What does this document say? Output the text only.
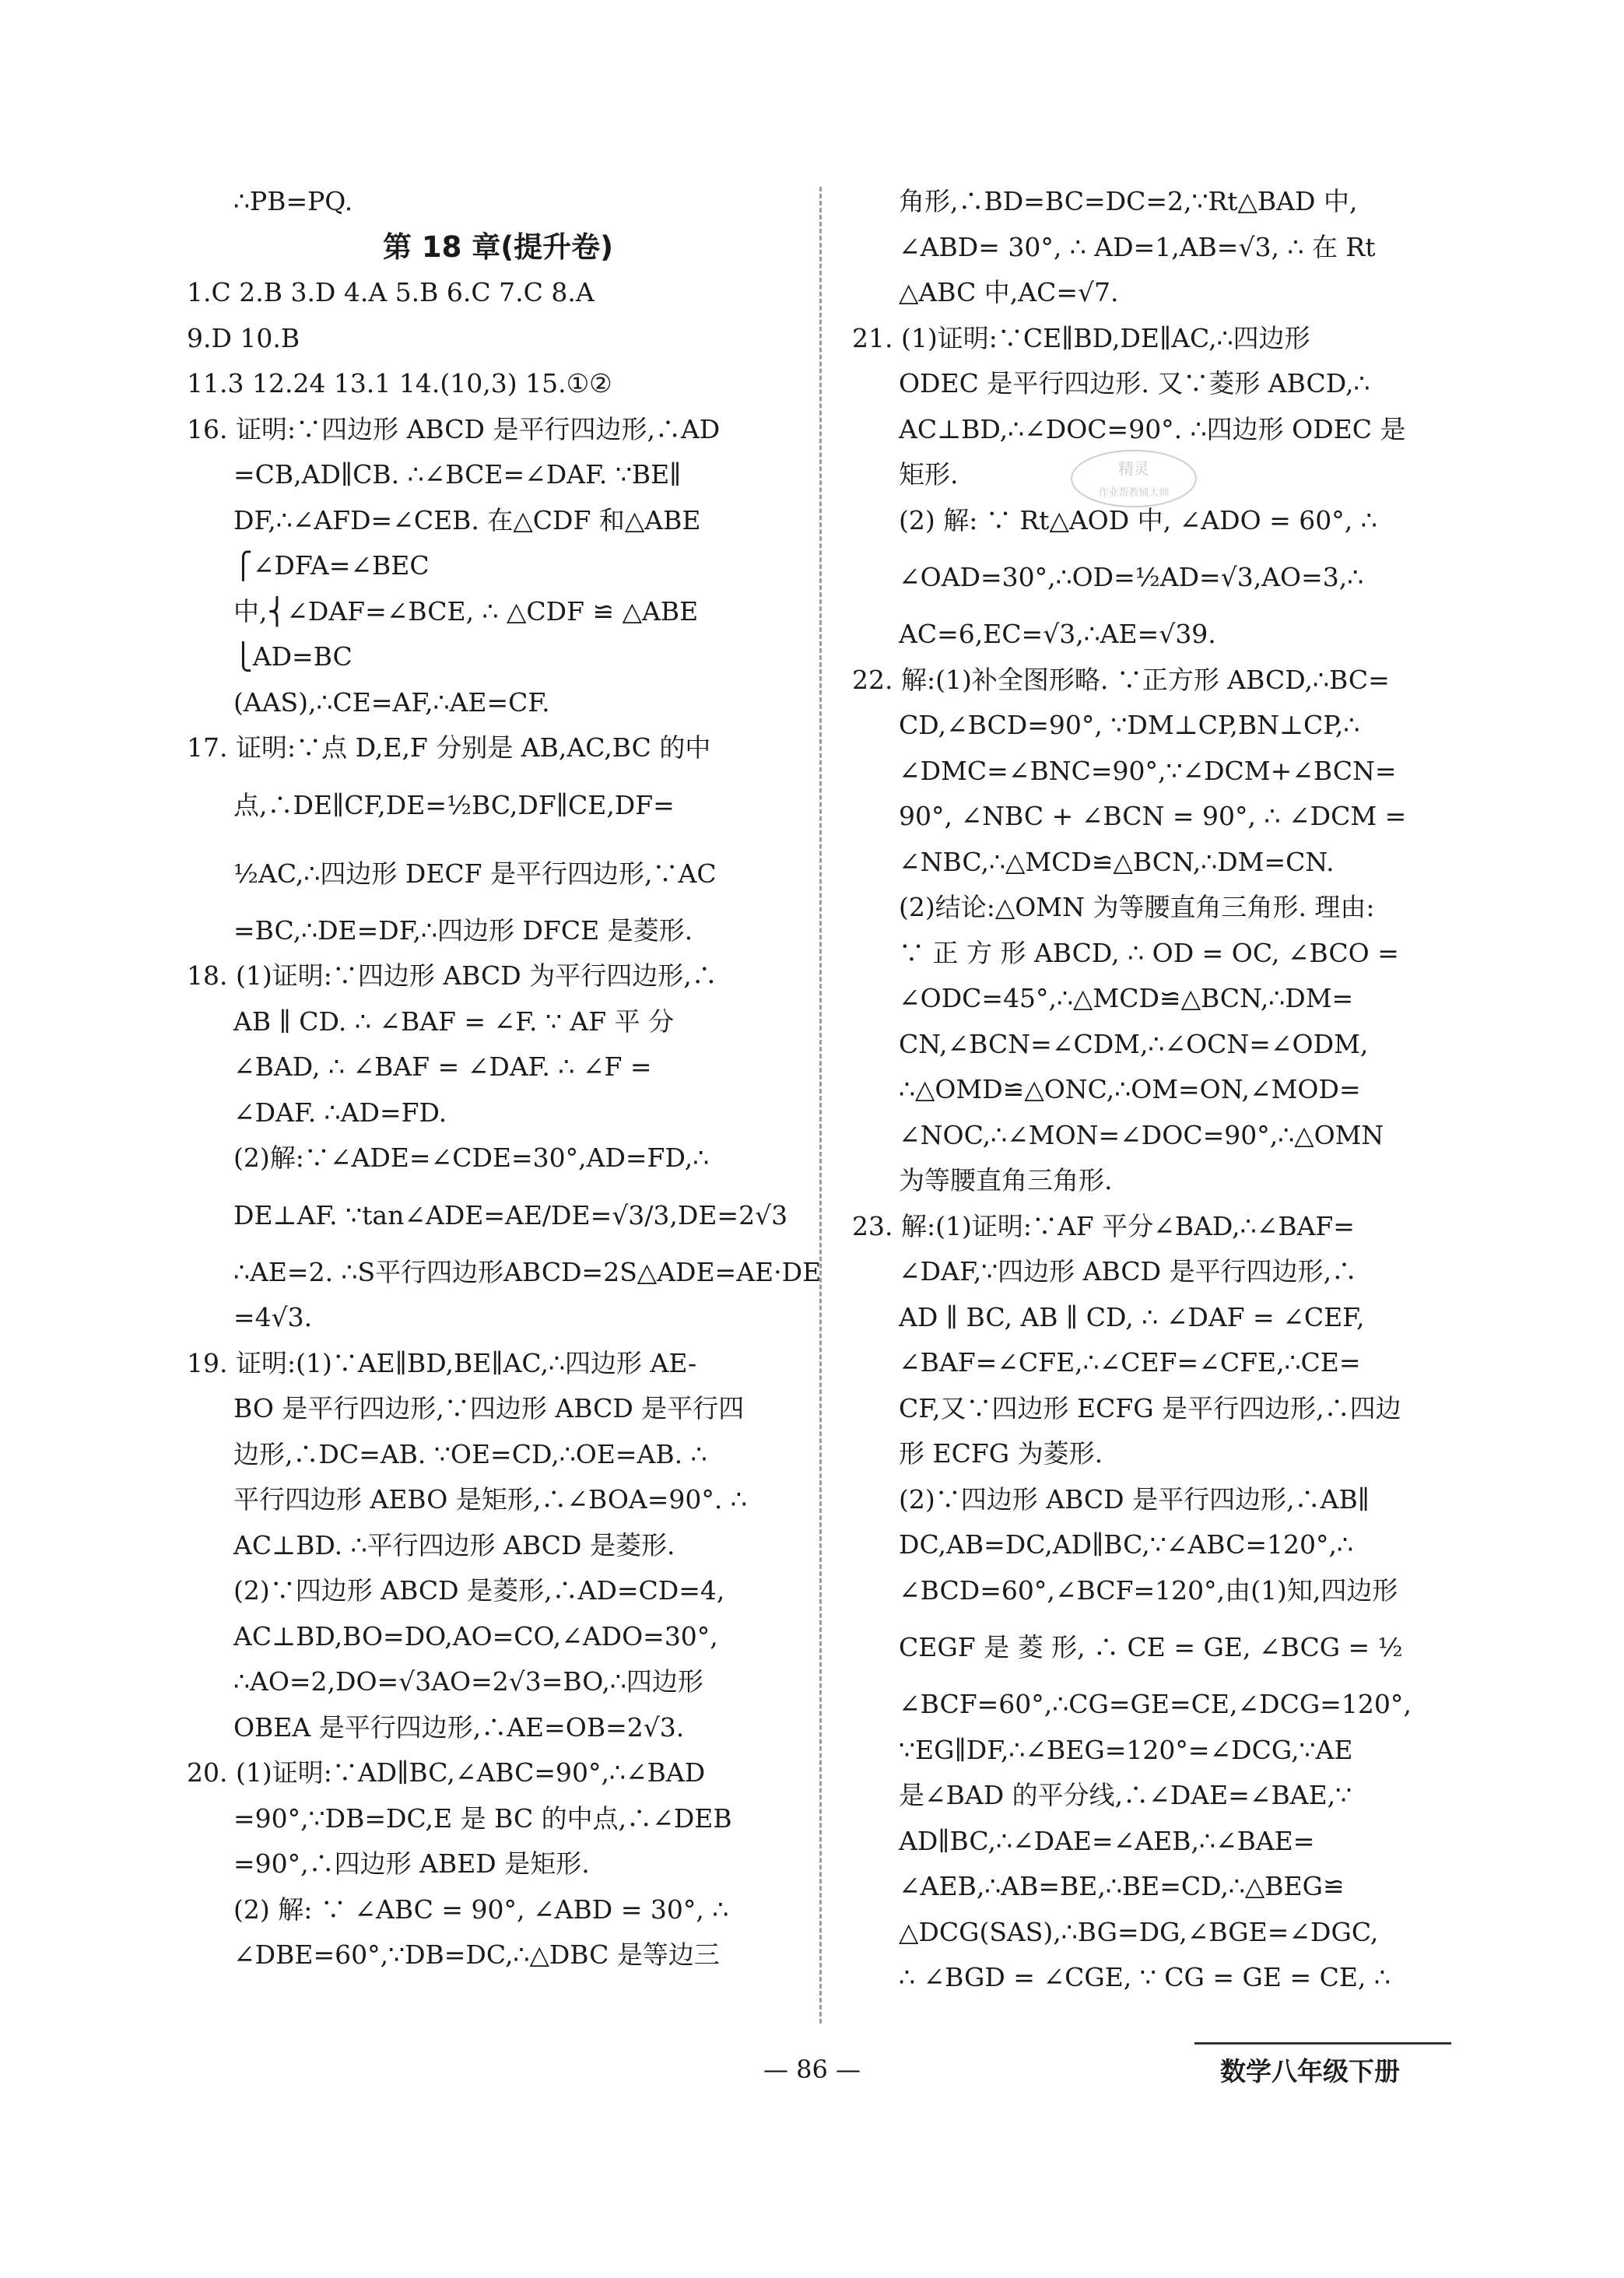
∴PB=PQ.
第 18 章(提升卷)
1.C 2.B 3.D 4.A 5.B 6.C 7.C 8.A
9.D 10.B
11.3 12.24 13.1 14.(10,3) 15.①②
16. 证明:∵四边形 ABCD 是平行四边形,∴AD
=CB,AD∥CB. ∴∠BCE=∠DAF. ∵BE∥
DF,∴∠AFD=∠CEB. 在△CDF 和△ABE
⎧∠DFA=∠BEC
中,⎨∠DAF=∠BCE, ∴ △CDF ≌ △ABE
⎩AD=BC
(AAS),∴CE=AF,∴AE=CF.
17. 证明:∵点 D,E,F 分别是 AB,AC,BC 的中
点,∴DE∥CF,DE=½BC,DF∥CE,DF=
½AC,∴四边形 DECF 是平行四边形,∵AC
=BC,∴DE=DF,∴四边形 DFCE 是菱形.
18. (1)证明:∵四边形 ABCD 为平行四边形,∴
AB ∥ CD. ∴ ∠BAF = ∠F. ∵ AF 平 分
∠BAD, ∴ ∠BAF = ∠DAF. ∴ ∠F =
∠DAF. ∴AD=FD.
(2)解:∵∠ADE=∠CDE=30°,AD=FD,∴
DE⊥AF. ∵tan∠ADE=AE/DE=√3/3,DE=2√3
∴AE=2. ∴S平行四边形ABCD=2S△ADE=AE·DE
=4√3.
19. 证明:(1)∵AE∥BD,BE∥AC,∴四边形 AE-
BO 是平行四边形,∵四边形 ABCD 是平行四
边形,∴DC=AB. ∵OE=CD,∴OE=AB. ∴
平行四边形 AEBO 是矩形,∴∠BOA=90°. ∴
AC⊥BD. ∴平行四边形 ABCD 是菱形.
(2)∵四边形 ABCD 是菱形,∴AD=CD=4,
AC⊥BD,BO=DO,AO=CO,∠ADO=30°,
∴AO=2,DO=√3AO=2√3=BO,∴四边形
OBEA 是平行四边形,∴AE=OB=2√3.
20. (1)证明:∵AD∥BC,∠ABC=90°,∴∠BAD
=90°,∵DB=DC,E 是 BC 的中点,∴∠DEB
=90°,∴四边形 ABED 是矩形.
(2) 解: ∵ ∠ABC = 90°, ∠ABD = 30°, ∴
∠DBE=60°,∵DB=DC,∴△DBC 是等边三
角形,∴BD=BC=DC=2,∵Rt△BAD 中,
∠ABD= 30°, ∴ AD=1,AB=√3, ∴ 在 Rt
△ABC 中,AC=√7.
21. (1)证明:∵CE∥BD,DE∥AC,∴四边形
ODEC 是平行四边形. 又∵菱形 ABCD,∴
AC⊥BD,∴∠DOC=90°. ∴四边形 ODEC 是
矩形.
(2) 解: ∵ Rt△AOD 中, ∠ADO = 60°, ∴
∠OAD=30°,∴OD=½AD=√3,AO=3,∴
AC=6,EC=√3,∴AE=√39.
22. 解:(1)补全图形略. ∵正方形 ABCD,∴BC=
CD,∠BCD=90°, ∵DM⊥CP,BN⊥CP,∴
∠DMC=∠BNC=90°,∵∠DCM+∠BCN=
90°, ∠NBC + ∠BCN = 90°, ∴ ∠DCM =
∠NBC,∴△MCD≌△BCN,∴DM=CN.
(2)结论:△OMN 为等腰直角三角形. 理由:
∵ 正 方 形 ABCD, ∴ OD = OC, ∠BCO =
∠ODC=45°,∴△MCD≌△BCN,∴DM=
CN,∠BCN=∠CDM,∴∠OCN=∠ODM,
∴△OMD≌△ONC,∴OM=ON,∠MOD=
∠NOC,∴∠MON=∠DOC=90°,∴△OMN
为等腰直角三角形.
23. 解:(1)证明:∵AF 平分∠BAD,∴∠BAF=
∠DAF,∵四边形 ABCD 是平行四边形,∴
AD ∥ BC, AB ∥ CD, ∴ ∠DAF = ∠CEF,
∠BAF=∠CFE,∴∠CEF=∠CFE,∴CE=
CF,又∵四边形 ECFG 是平行四边形,∴四边
形 ECFG 为菱形.
(2)∵四边形 ABCD 是平行四边形,∴AB∥
DC,AB=DC,AD∥BC,∵∠ABC=120°,∴
∠BCD=60°,∠BCF=120°,由(1)知,四边形
CEGF 是 菱 形, ∴ CE = GE, ∠BCG = ½
∠BCF=60°,∴CG=GE=CE,∠DCG=120°,
∵EG∥DF,∴∠BEG=120°=∠DCG,∵AE
是∠BAD 的平分线,∴∠DAE=∠BAE,∵
AD∥BC,∴∠DAE=∠AEB,∴∠BAE=
∠AEB,∴AB=BE,∴BE=CD,∴△BEG≌
△DCG(SAS),∴BG=DG,∠BGE=∠DGC,
∴ ∠BGD = ∠CGE, ∵ CG = GE = CE, ∴
精灵
作业帮教辅大师
— 86 —	数学八年级下册
